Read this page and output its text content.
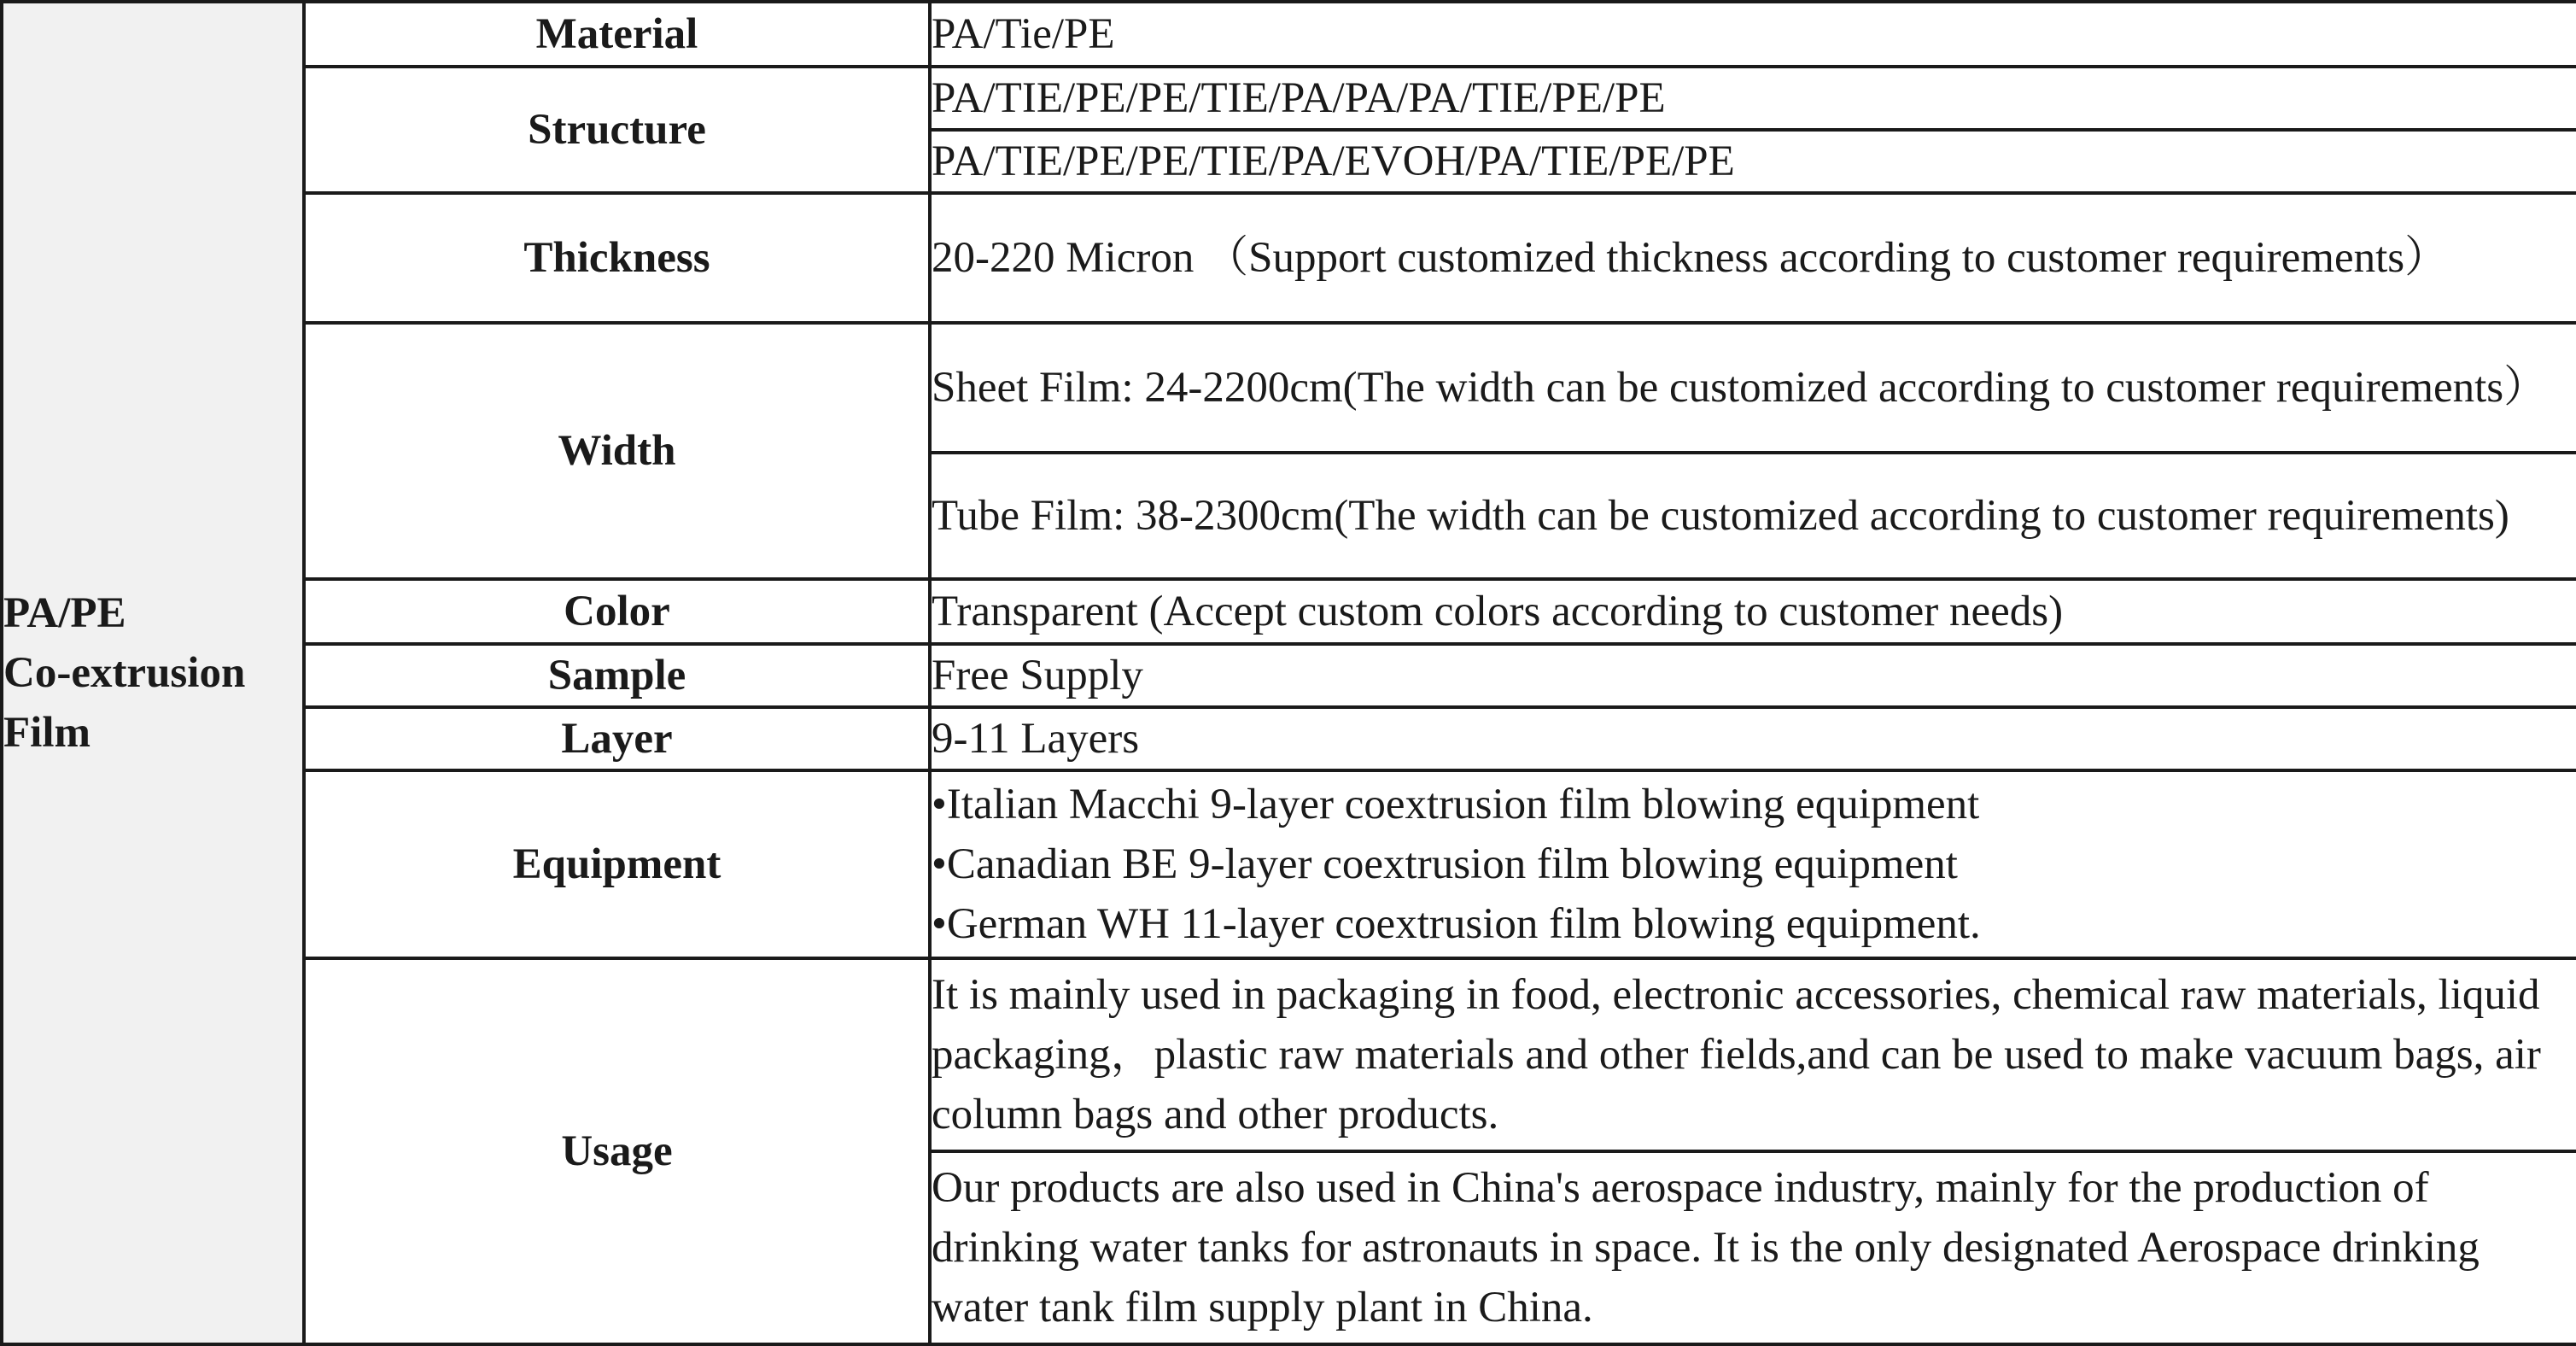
PA/PE
Co-extrusion
Film	Material	PA/Tie/PE
	Structure	PA/TIE/PE/PE/TIE/PA/PA/PA/TIE/PE/PE
		PA/TIE/PE/PE/TIE/PA/EVOH/PA/TIE/PE/PE
	Thickness	20-220 Micron （Support customized thickness according to customer requirements）
	Width	Sheet Film: 24-2200cm(The width can be customized according to customer requirements）
		Tube Film: 38-2300cm(The width can be customized according to customer requirements)
	Color	Transparent (Accept custom colors according to customer needs)
	Sample	Free Supply
	Layer	9-11 Layers
	Equipment	•Italian Macchi 9-layer coextrusion film blowing equipment
•Canadian BE 9-layer coextrusion film blowing equipment
•German WH 11-layer coextrusion film blowing equipment.

	Usage	It is mainly used in packaging in food, electronic accessories, chemical raw materials, liquid packaging，plastic raw materials and other fields,and can be used to make vacuum bags, air column bags and other products.
		Our products are also used in China's aerospace industry, mainly for the production of drinking water tanks for astronauts in space. It is the only designated Aerospace drinking water tank film supply plant in China.
